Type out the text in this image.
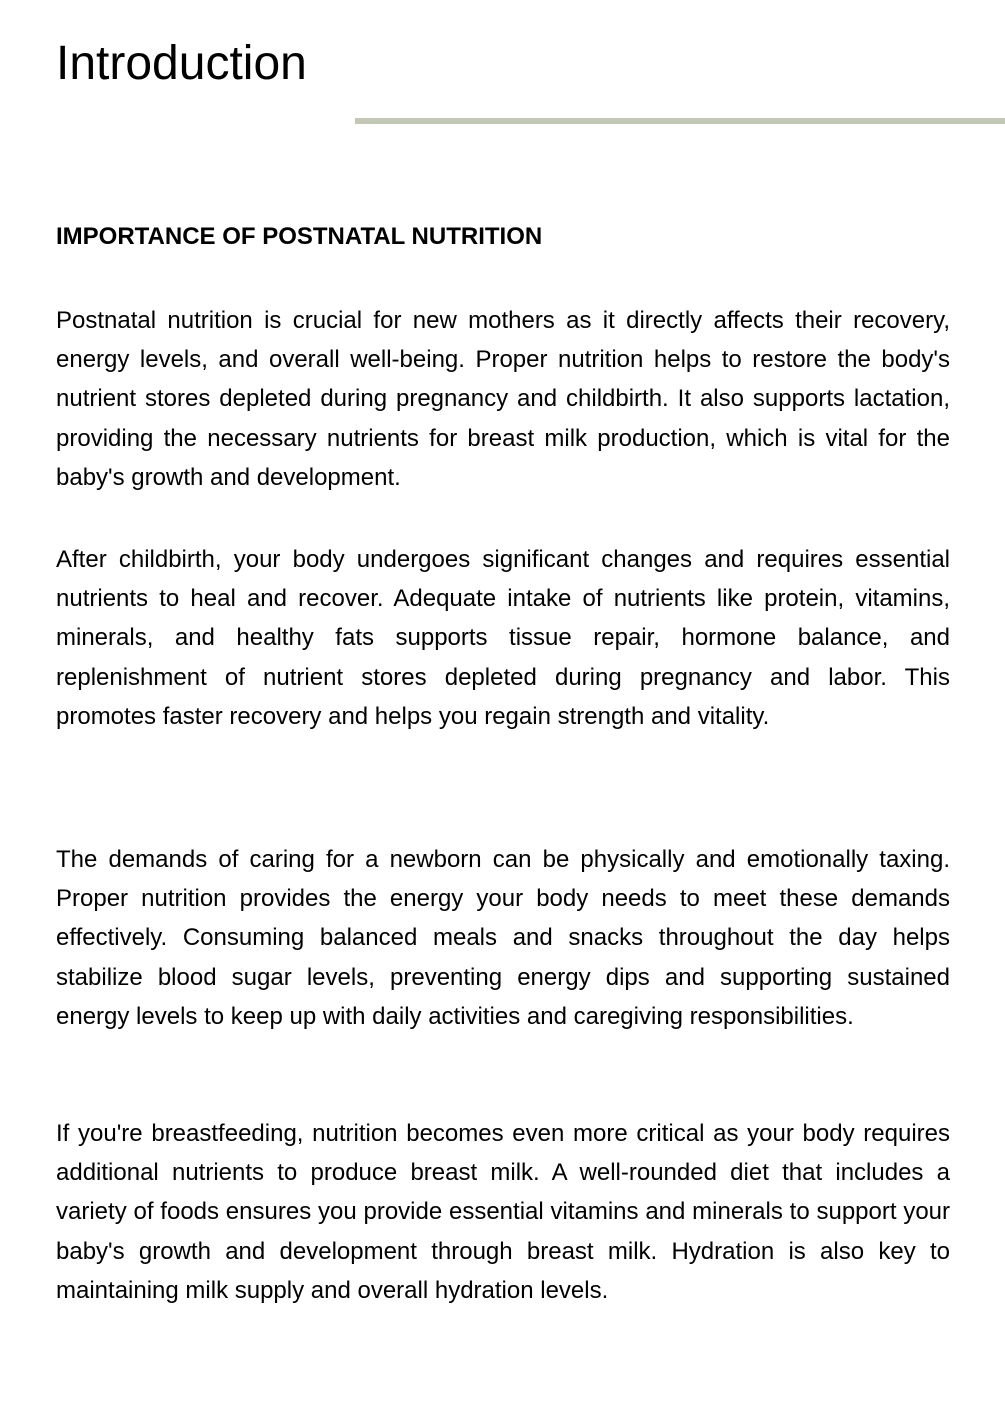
Introduction
IMPORTANCE OF POSTNATAL NUTRITION

Postnatal nutrition is crucial for new mothers as it directly affects their recovery, energy levels, and overall well-being. Proper nutrition helps to restore the body's nutrient stores depleted during pregnancy and childbirth. It also supports lactation, providing the necessary nutrients for breast milk production, which is vital for the baby's growth and development.

After childbirth, your body undergoes significant changes and requires essential nutrients to heal and recover. Adequate intake of nutrients like protein, vitamins, minerals, and healthy fats supports tissue repair, hormone balance, and replenishment of nutrient stores depleted during pregnancy and labor. This promotes faster recovery and helps you regain strength and vitality.

The demands of caring for a newborn can be physically and emotionally taxing. Proper nutrition provides the energy your body needs to meet these demands effectively. Consuming balanced meals and snacks throughout the day helps stabilize blood sugar levels, preventing energy dips and supporting sustained energy levels to keep up with daily activities and caregiving responsibilities.

If you're breastfeeding, nutrition becomes even more critical as your body requires additional nutrients to produce breast milk. A well-rounded diet that includes a variety of foods ensures you provide essential vitamins and minerals to support your baby's growth and development through breast milk. Hydration is also key to maintaining milk supply and overall hydration levels.
